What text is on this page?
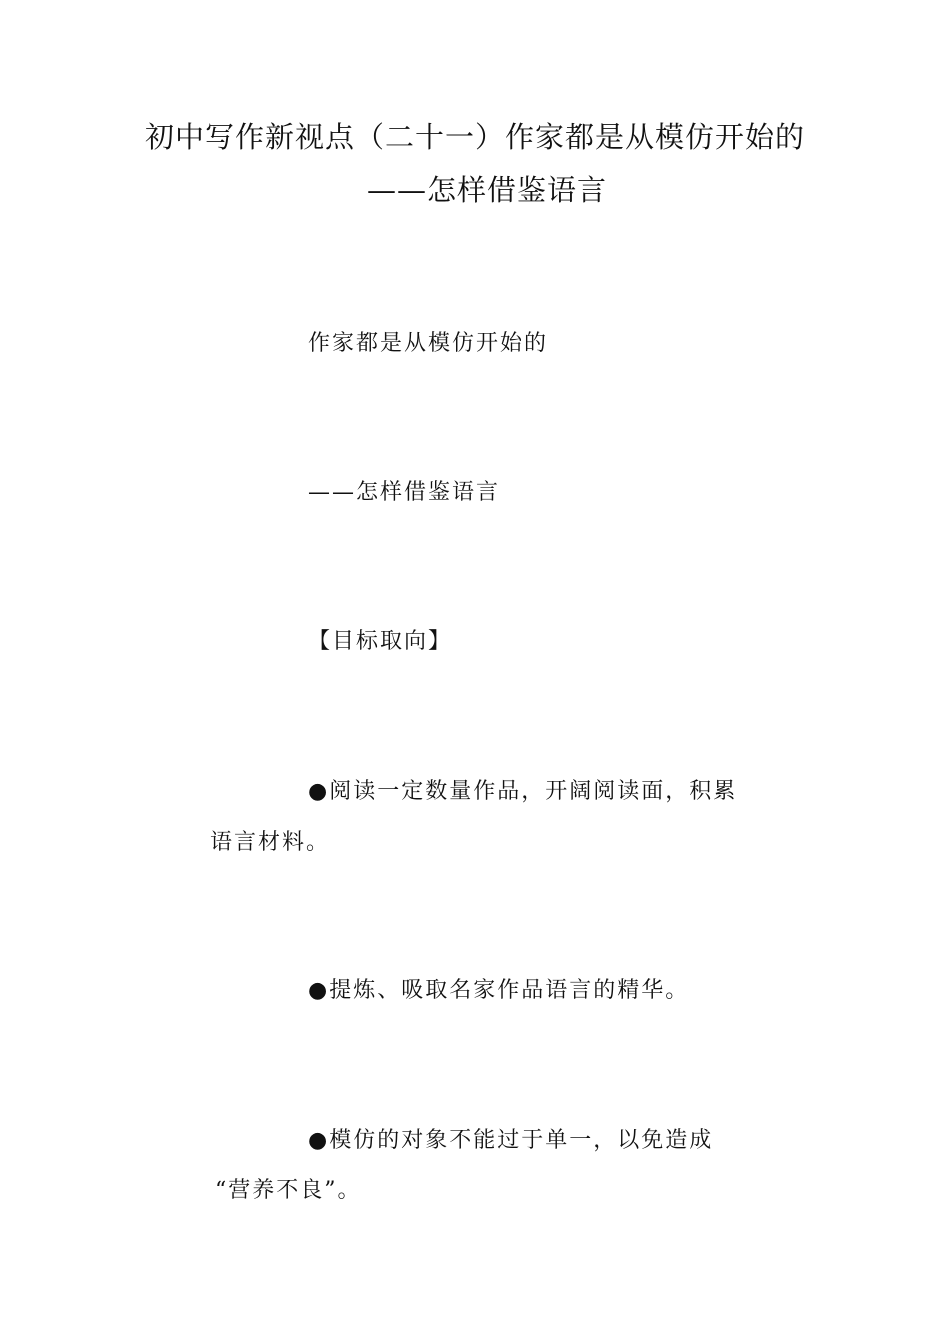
初中写作新视点（二十一）作家都是从模仿开始的
——怎样借鉴语言
作家都是从模仿开始的
——怎样借鉴语言
【目标取向】
●阅读一定数量作品，开阔阅读面，积累
语言材料。
●提炼、吸取名家作品语言的精华。
●模仿的对象不能过于单一，以免造成
“营养不良”。
